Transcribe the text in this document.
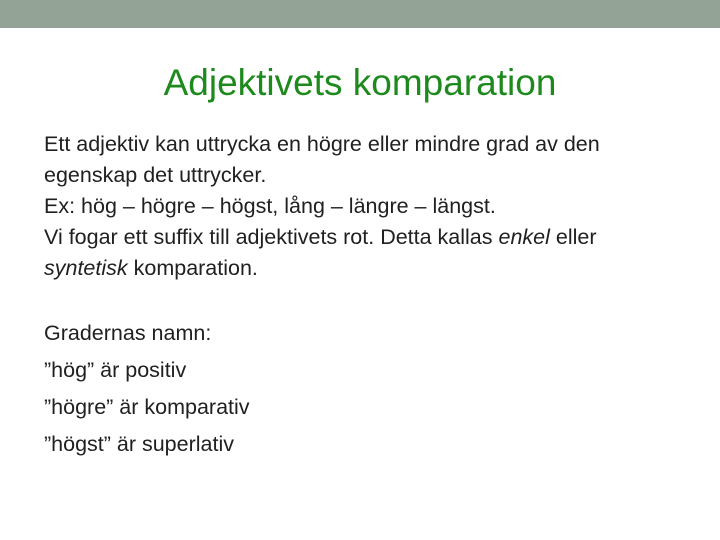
Adjektivets komparation

Ett adjektiv kan uttrycka en högre eller mindre grad av den
egenskap det uttrycker.

Ex: hög – högre – högst, lång – längre – längst.

Vi fogar ett suffix till adjektivets rot. Detta kallas enkel eller
syntetisk komparation.

Gradernas namn:

”hög” är positiv

”högre” är komparativ

”högst” är superlativ
